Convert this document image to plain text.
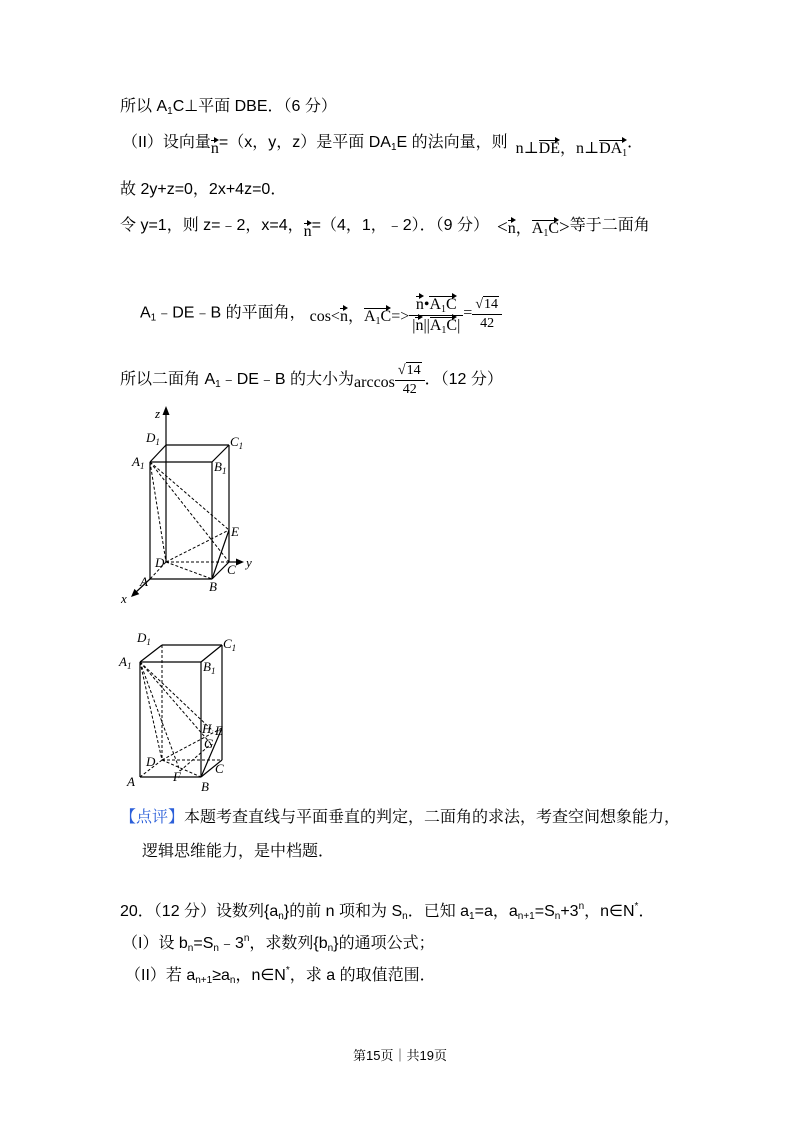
所以 $A_1C\perp$平面 DBE．（6 分）
（II）设向量n=（x，y，z）是平面 $DA_1E$ 的法向量，则 n⊥DE，$n\perp DA_1$．
故 2y+z=0，2x+4z=0．
令 y=1，则 z=﹣2，x=4，n=（4，1，﹣2）．（9 分） <n，$A_1C>$等于二面角
$A_1﹣DE﹣B$ 的平面角， cos<n，$A_1C=> \frac{n•A_1C}{|n||A_1C|} = \frac{√14}{42}$
所以二面角 $A_1﹣DE﹣B$ 的大小为$\arccos \frac{√14}{42}$ ．（12 分）
z
$D_1$	$C_1$
$A_1$	$B_1$
E
D	C y
A	B
x
$D_1$	$C_1$
$A_1$	$B_1$
H E
G
D
F
C
A	B
【点评】本题考查直线与平面垂直的判定，二面角的求法，考查空间想象能力，
逻辑思维能力，是中档题．
20．（12 分）设数列$\{a_n\}$的前 n 项和为 $S_n$．已知 $a_1=a$，$a_{n+1}=S_n+3^n$，n∈N*．
（I）设 $b_n=S_n﹣3^n$，求数列$\{b_n\}$的通项公式；
（II）若 $a_{n+1}\ge a_n$，n∈N*，求 a 的取值范围．
第15页｜共19页
